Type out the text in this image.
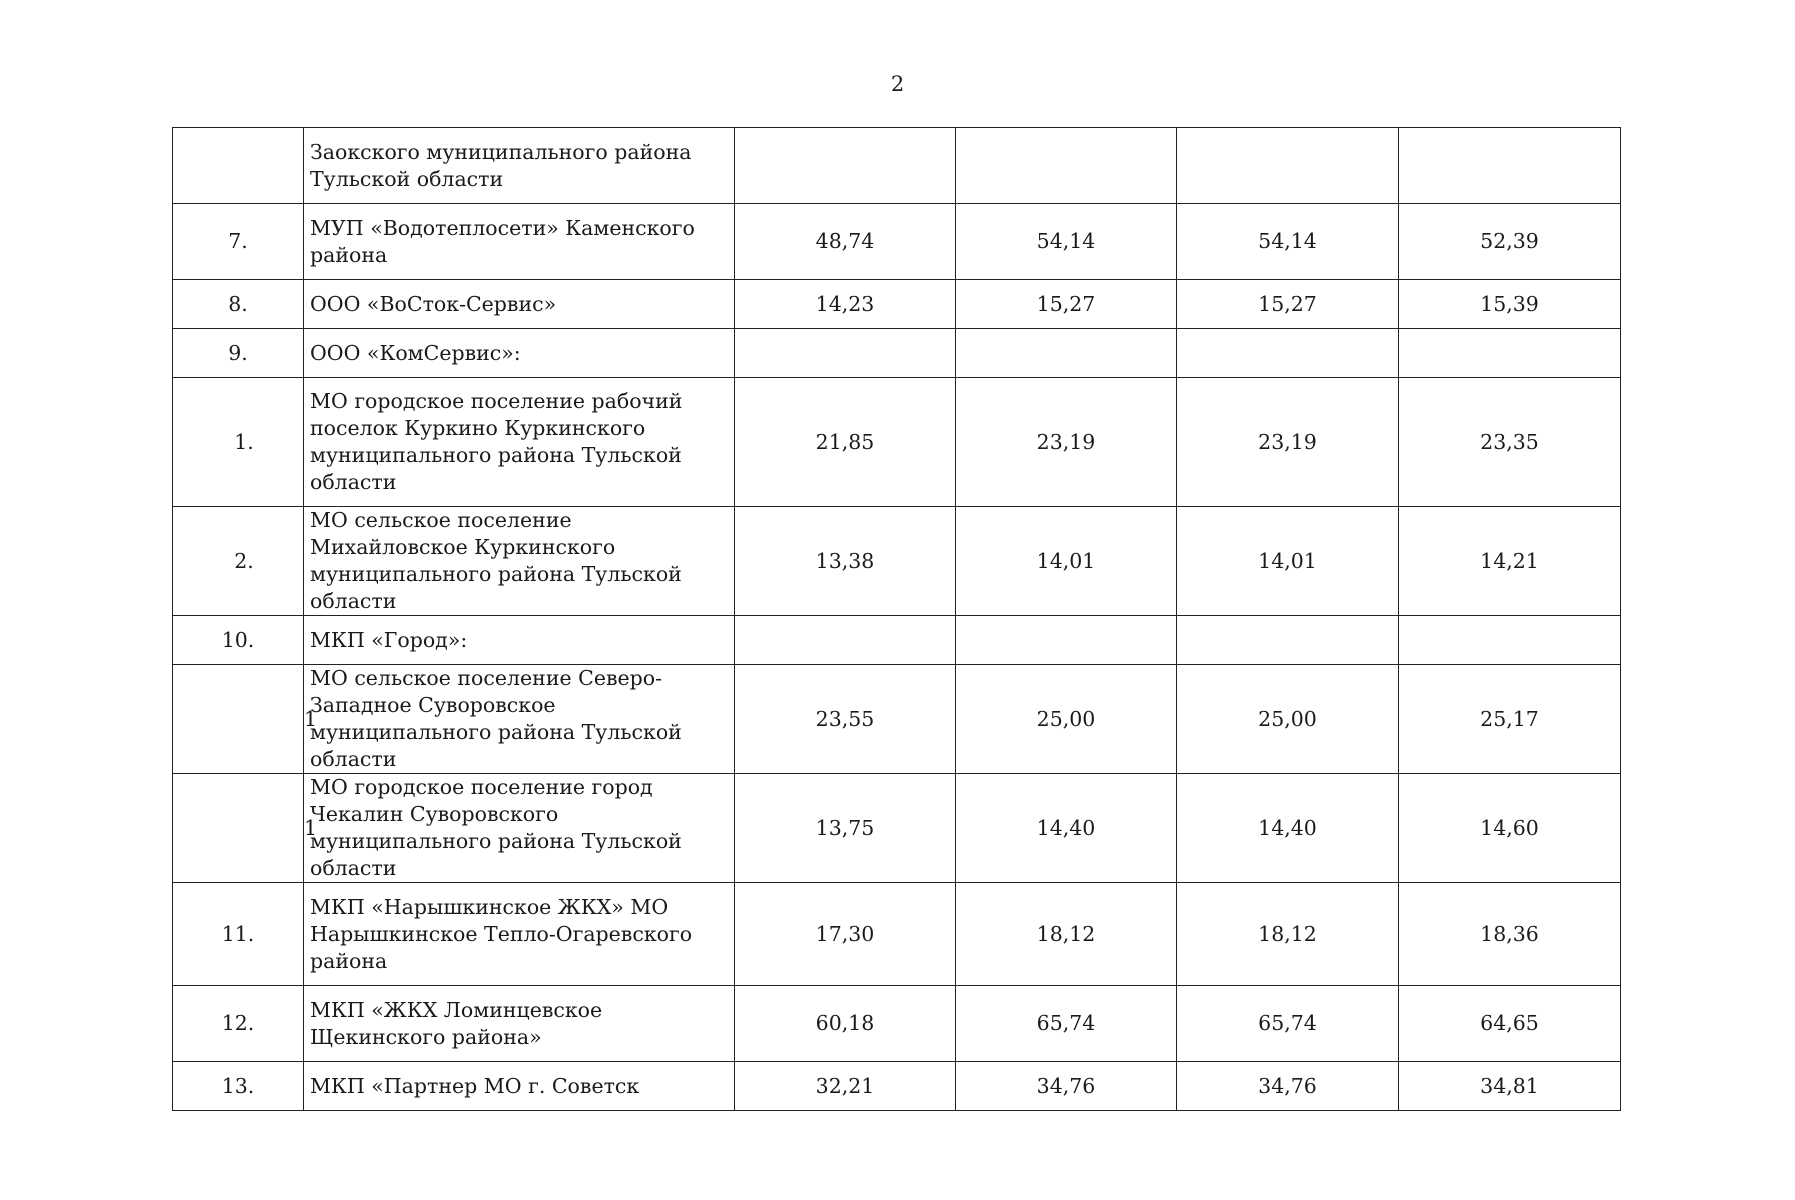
2
	Заокского муниципального района Тульской области				
7.	МУП «Водотеплосети» Каменского района	48,74	54,14	54,14	52,39
8.	ООО «ВоСток-Сервис»	14,23	15,27	15,27	15,39
9.	ООО «КомСервис»:				
1.	МО городское поселение рабочий поселок Куркино Куркинского муниципального района Тульской области	21,85	23,19	23,19	23,35
2.	МО сельское поселение Михайловское Куркинского муниципального района Тульской области	13,38	14,01	14,01	14,21
10.	МКП «Город»:				
1	МО сельское поселение Северо-Западное Суворовское муниципального района Тульской области	23,55	25,00	25,00	25,17
1	МО городское поселение город Чекалин Суворовского муниципального района Тульской области	13,75	14,40	14,40	14,60
11.	МКП «Нарышкинское ЖКХ» МО Нарышкинское Тепло-Огаревского района	17,30	18,12	18,12	18,36
12.	МКП «ЖКХ Ломинцевское Щекинского района»	60,18	65,74	65,74	64,65
13.	МКП «Партнер МО г. Советск	32,21	34,76	34,76	34,81
